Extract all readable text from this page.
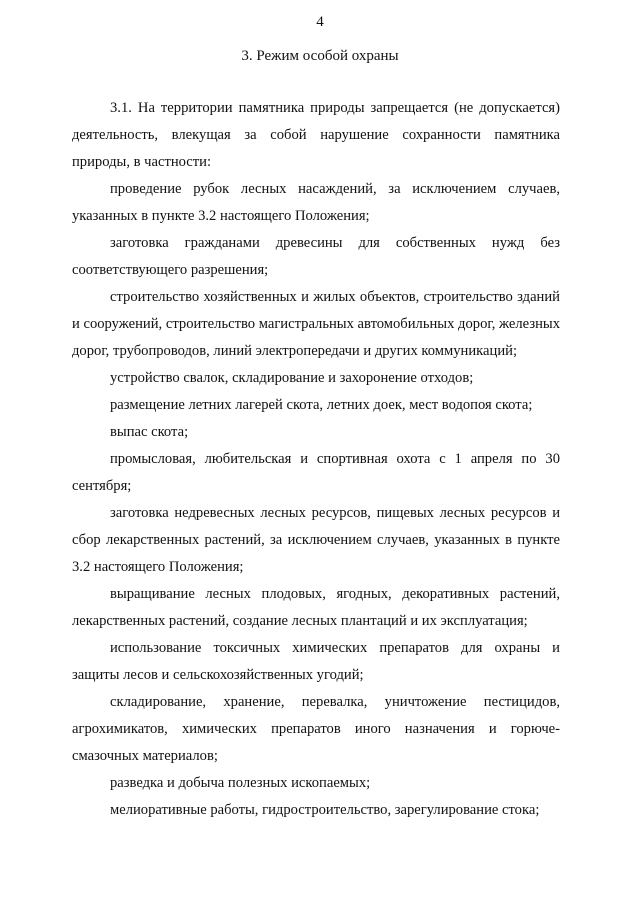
4
3. Режим особой охраны

3.1. На территории памятника природы запрещается (не допускается) деятельность, влекущая за собой нарушение сохранности памятника природы, в частности:

проведение рубок лесных насаждений, за исключением случаев, указанных в пункте 3.2 настоящего Положения;

заготовка гражданами древесины для собственных нужд без соответствующего разрешения;

строительство хозяйственных и жилых объектов, строительство зданий и сооружений, строительство магистральных автомобильных дорог, железных дорог, трубопроводов, линий электропередачи и других коммуникаций;

устройство свалок, складирование и захоронение отходов;

размещение летних лагерей скота, летних доек, мест водопоя скота;

выпас скота;

промысловая, любительская и спортивная охота с 1 апреля по 30 сентября;

заготовка недревесных лесных ресурсов, пищевых лесных ресурсов и сбор лекарственных растений, за исключением случаев, указанных в пункте 3.2 настоящего Положения;

выращивание лесных плодовых, ягодных, декоративных растений, лекарственных растений, создание лесных плантаций и их эксплуатация;

использование токсичных химических препаратов для охраны и защиты лесов и сельскохозяйственных угодий;

складирование, хранение, перевалка, уничтожение пестицидов, агрохимикатов, химических препаратов иного назначения и горюче-смазочных материалов;

разведка и добыча полезных ископаемых;

мелиоративные работы, гидростроительство, зарегулирование стока;
